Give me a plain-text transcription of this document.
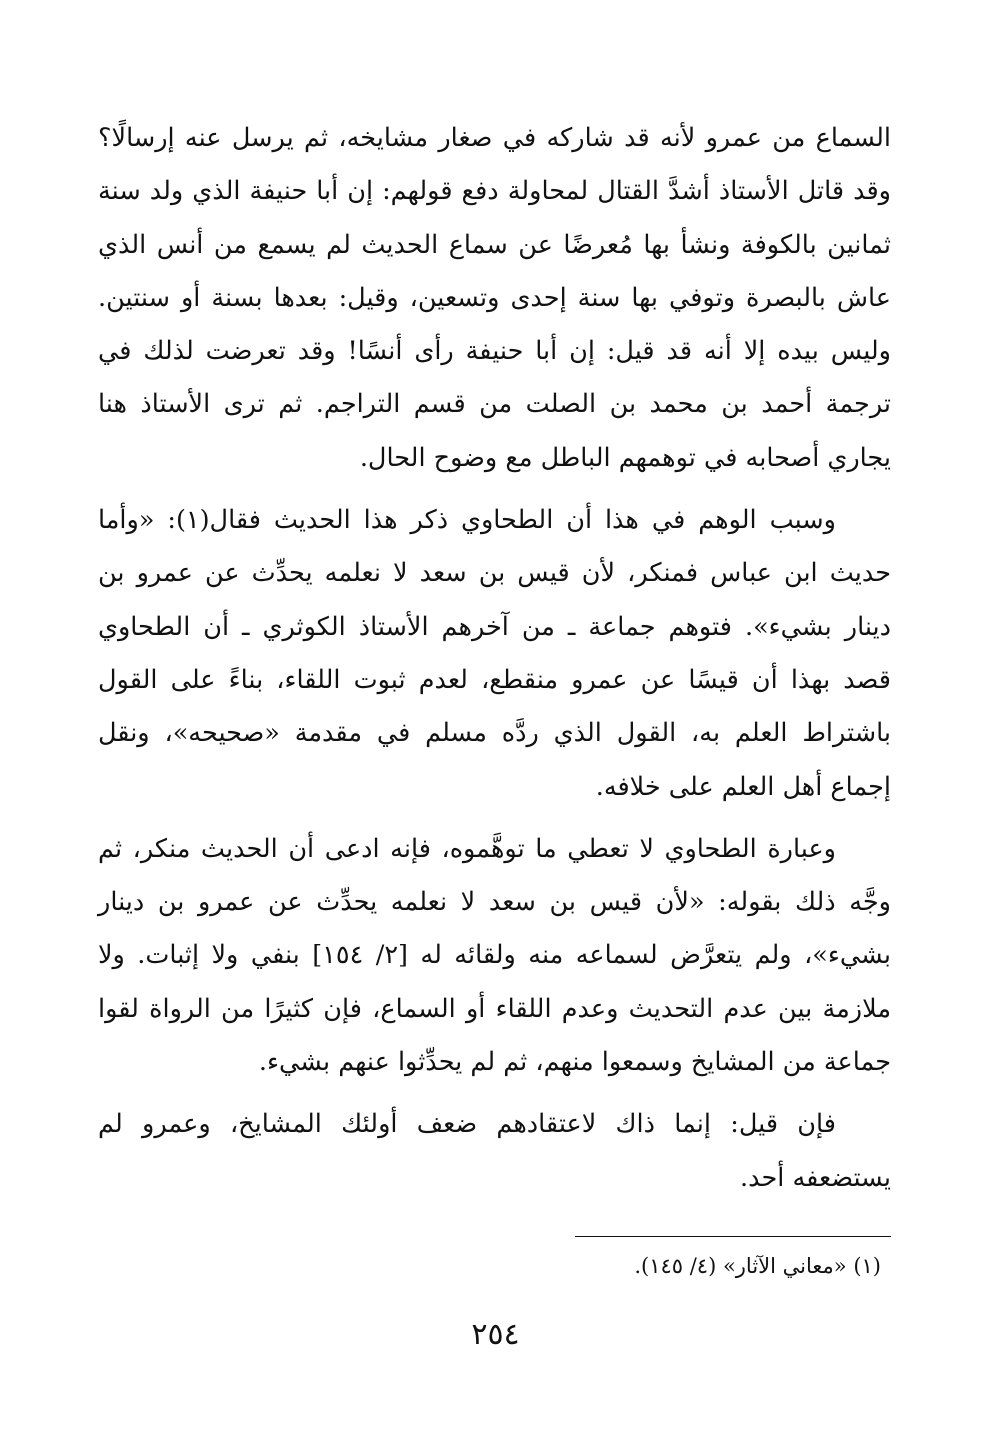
السماع من عمرو لأنه قد شاركه في صغار مشايخه، ثم يرسل عنه إرسالًا؟ وقد قاتل الأستاذ أشدَّ القتال لمحاولة دفع قولهم: إن أبا حنيفة الذي ولد سنة ثمانين بالكوفة ونشأ بها مُعرضًا عن سماع الحديث لم يسمع من أنس الذي عاش بالبصرة وتوفي بها سنة إحدى وتسعين، وقيل: بعدها بسنة أو سنتين. وليس بيده إلا أنه قد قيل: إن أبا حنيفة رأى أنسًا! وقد تعرضت لذلك في ترجمة أحمد بن محمد بن الصلت من قسم التراجم. ثم ترى الأستاذ هنا يجاري أصحابه في توهمهم الباطل مع وضوح الحال.

وسبب الوهم في هذا أن الطحاوي ذكر هذا الحديث فقال(١): «وأما حديث ابن عباس فمنكر، لأن قيس بن سعد لا نعلمه يحدِّث عن عمرو بن دينار بشيء». فتوهم جماعة ـ من آخرهم الأستاذ الكوثري ـ أن الطحاوي قصد بهذا أن قيسًا عن عمرو منقطع، لعدم ثبوت اللقاء، بناءً على القول باشتراط العلم به، القول الذي ردَّه مسلم في مقدمة «صحيحه»، ونقل إجماع أهل العلم على خلافه.

وعبارة الطحاوي لا تعطي ما توهَّموه، فإنه ادعى أن الحديث منكر، ثم وجَّه ذلك بقوله: «لأن قيس بن سعد لا نعلمه يحدِّث عن عمرو بن دينار بشيء»، ولم يتعرَّض لسماعه منه ولقائه له [٢/ ١٥٤] بنفي ولا إثبات. ولا ملازمة بين عدم التحديث وعدم اللقاء أو السماع، فإن كثيرًا من الرواة لقوا جماعة من المشايخ وسمعوا منهم، ثم لم يحدِّثوا عنهم بشيء.

فإن قيل: إنما ذاك لاعتقادهم ضعف أولئك المشايخ، وعمرو لم يستضعفه أحد.

(١) «معاني الآثار» (٤/ ١٤٥).
٢٥٤
